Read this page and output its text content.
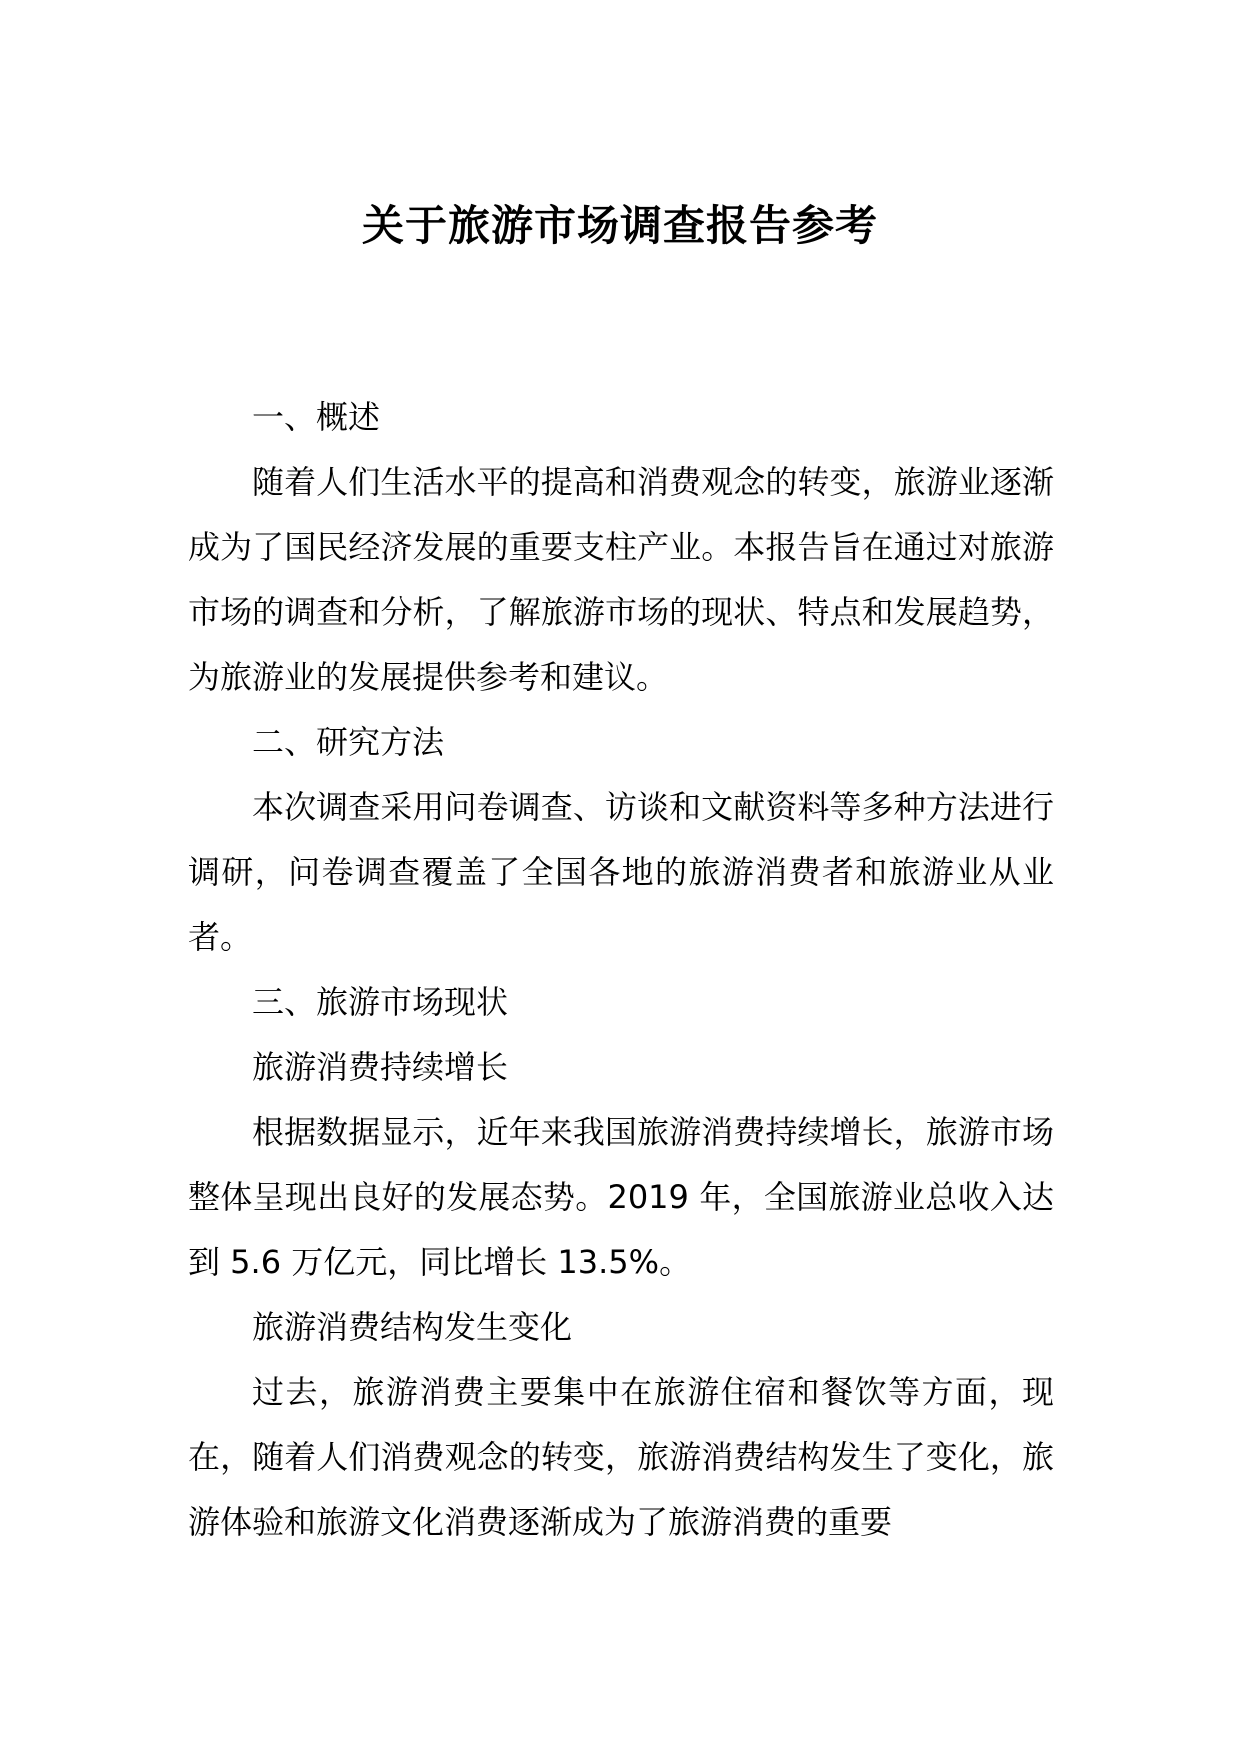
关于旅游市场调查报告参考

一、概述

随着人们生活水平的提高和消费观念的转变，旅游业逐渐成为了国民经济发展的重要支柱产业。本报告旨在通过对旅游市场的调查和分析，了解旅游市场的现状、特点和发展趋势，为旅游业的发展提供参考和建议。

二、研究方法

本次调查采用问卷调查、访谈和文献资料等多种方法进行调研，问卷调查覆盖了全国各地的旅游消费者和旅游业从业者。

三、旅游市场现状

旅游消费持续增长

根据数据显示，近年来我国旅游消费持续增长，旅游市场整体呈现出良好的发展态势。2019 年，全国旅游业总收入达到 5.6 万亿元，同比增长 13.5%。

旅游消费结构发生变化

过去，旅游消费主要集中在旅游住宿和餐饮等方面，现在，随着人们消费观念的转变，旅游消费结构发生了变化，旅游体验和旅游文化消费逐渐成为了旅游消费的重要
